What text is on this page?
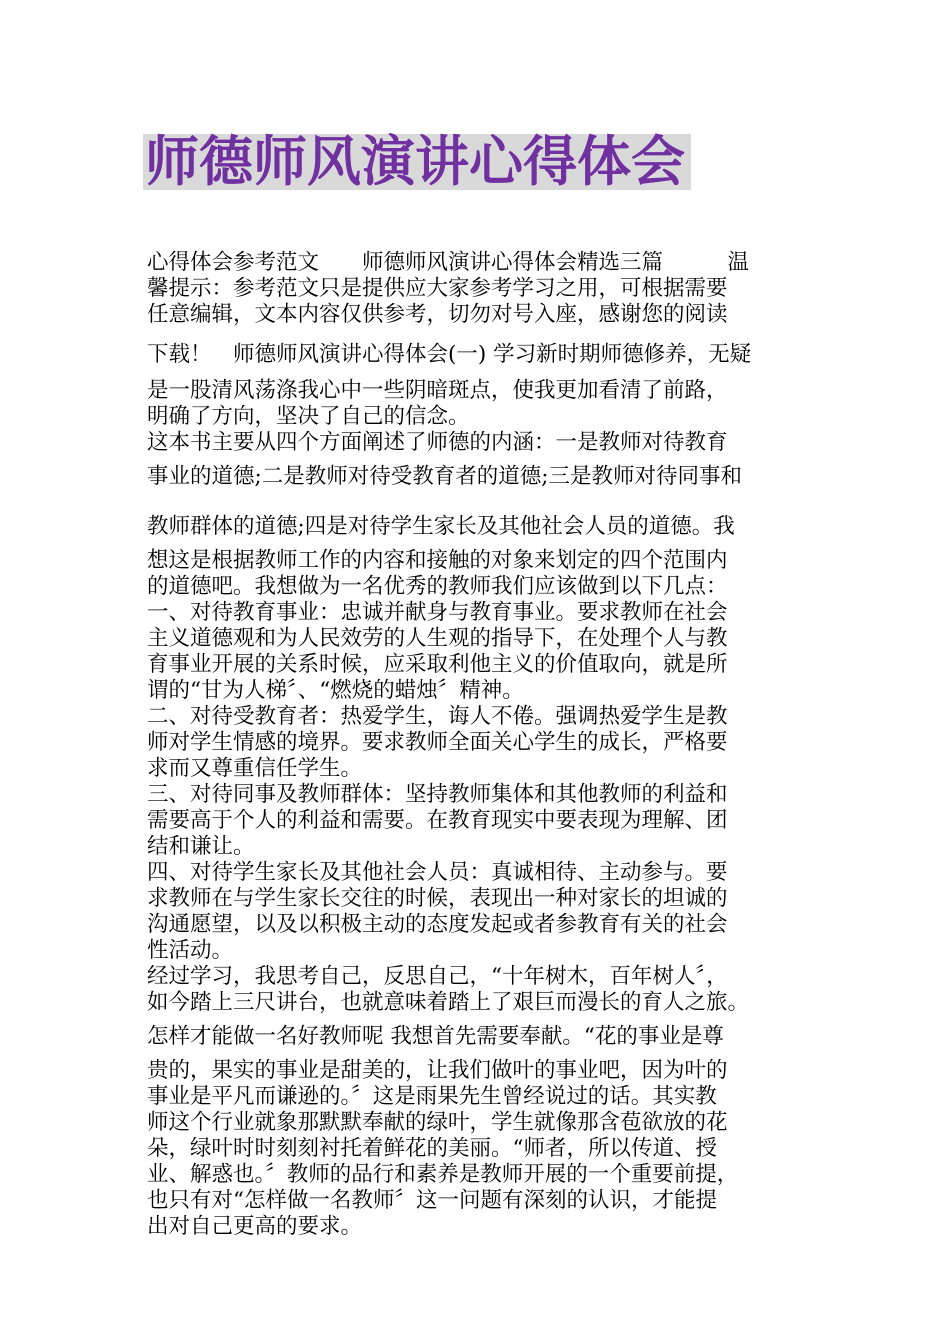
师德师风演讲心得体会
心得体会参考范文　　师德师风演讲心得体会精选三篇　　　温
馨提示：参考范文只是提供应大家参考学习之用，可根据需要
任意编辑，文本内容仅供参考，切勿对号入座，感谢您的阅读
下载！　师德师风演讲心得体会(一) 学习新时期师德修养，无疑
是一股清风荡涤我心中一些阴暗斑点，使我更加看清了前路，
明确了方向，坚决了自己的信念。
这本书主要从四个方面阐述了师德的内涵：一是教师对待教育
事业的道德;二是教师对待受教育者的道德;三是教师对待同事和
教师群体的道德;四是对待学生家长及其他社会人员的道德。我
想这是根据教师工作的内容和接触的对象来划定的四个范围内
的道德吧。我想做为一名优秀的教师我们应该做到以下几点：
一、对待教育事业：忠诚并献身与教育事业。要求教师在社会
主义道德观和为人民效劳的人生观的指导下，在处理个人与教
育事业开展的关系时候，应采取利他主义的价值取向，就是所
谓的“甘为人梯〞、“燃烧的蜡烛〞精神。
二、对待受教育者：热爱学生，诲人不倦。强调热爱学生是教
师对学生情感的境界。要求教师全面关心学生的成长，严格要
求而又尊重信任学生。
三、对待同事及教师群体：坚持教师集体和其他教师的利益和
需要高于个人的利益和需要。在教育现实中要表现为理解、团
结和谦让。
四、对待学生家长及其他社会人员：真诚相待、主动参与。要
求教师在与学生家长交往的时候，表现出一种对家长的坦诚的
沟通愿望，以及以积极主动的态度发起或者参教育有关的社会
性活动。
经过学习，我思考自己，反思自己，“十年树木，百年树人〞，
如今踏上三尺讲台，也就意味着踏上了艰巨而漫长的育人之旅。
怎样才能做一名好教师呢 我想首先需要奉献。“花的事业是尊
贵的，果实的事业是甜美的，让我们做叶的事业吧，因为叶的
事业是平凡而谦逊的。〞这是雨果先生曾经说过的话。其实教
师这个行业就象那默默奉献的绿叶，学生就像那含苞欲放的花
朵，绿叶时时刻刻衬托着鲜花的美丽。“师者，所以传道、授
业、解惑也。〞教师的品行和素养是教师开展的一个重要前提，
也只有对“怎样做一名教师〞这一问题有深刻的认识，才能提
出对自己更高的要求。
